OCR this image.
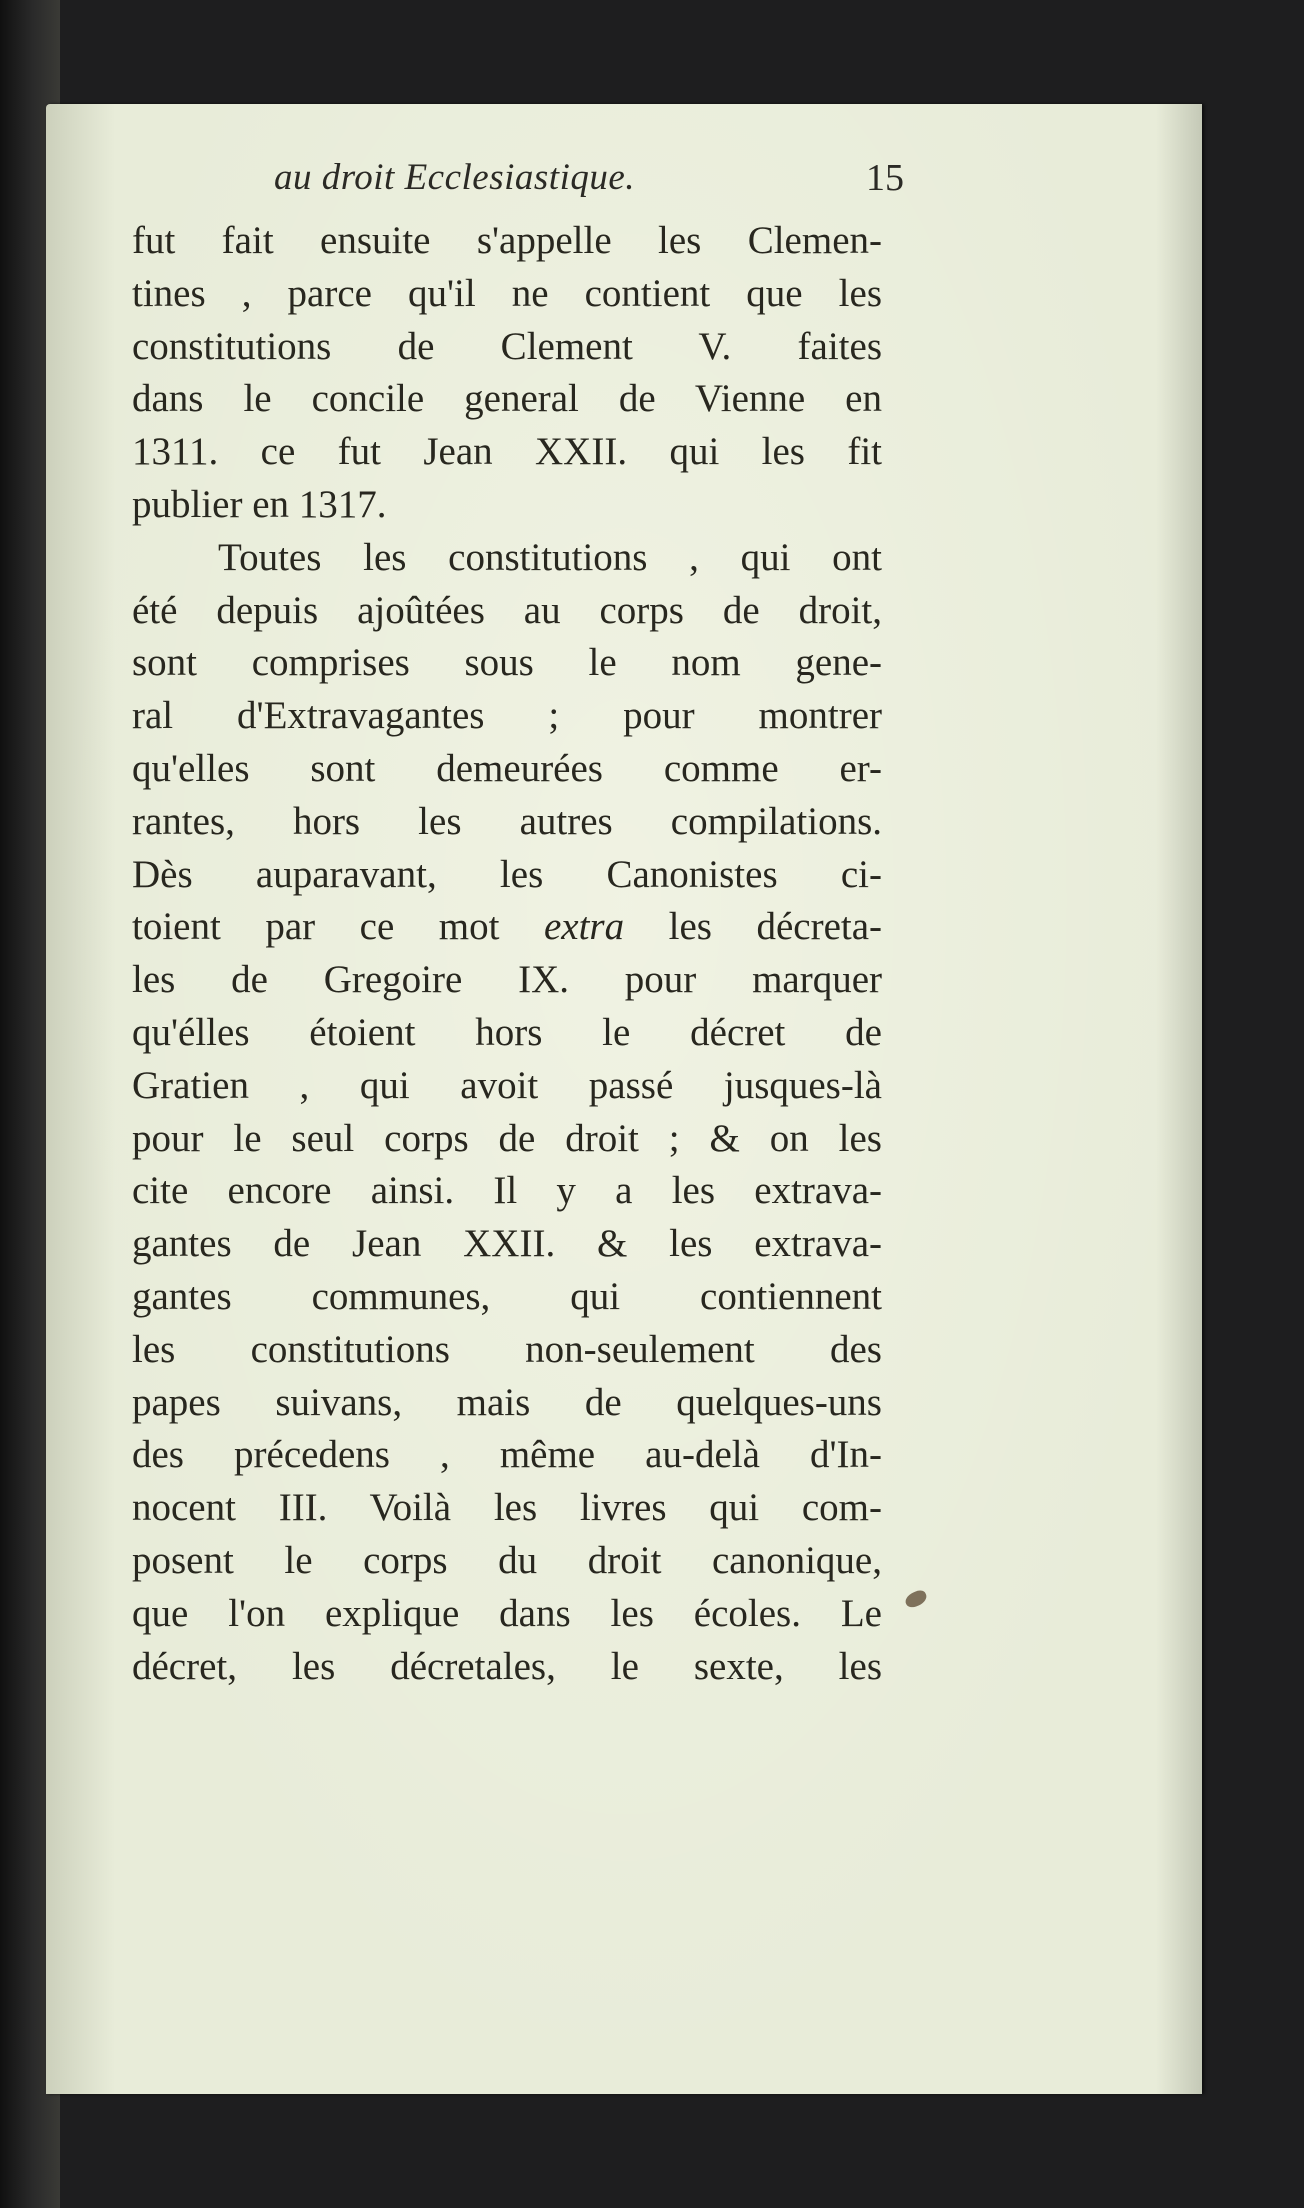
au droit Ecclesiastique.	15
fut fait ensuite s'appelle les Clemen-
tines , parce qu'il ne contient que les
constitutions de Clement V. faites
dans le concile general de Vienne en
1311. ce fut Jean XXII. qui les fit
publier en 1317.
Toutes les constitutions , qui ont
été depuis ajoûtées au corps de droit,
sont comprises sous le nom gene-
ral d'Extravagantes ; pour montrer
qu'elles sont demeurées comme er-
rantes, hors les autres compilations.
Dès auparavant, les Canonistes ci-
toient par ce mot extra les décreta-
les de Gregoire IX. pour marquer
qu'élles étoient hors le décret de
Gratien , qui avoit passé jusques-là
pour le seul corps de droit ; & on les
cite encore ainsi. Il y a les extrava-
gantes de Jean XXII. & les extrava-
gantes communes, qui contiennent
les constitutions non-seulement des
papes suivans, mais de quelques-uns
des précedens , même au-delà d'In-
nocent III. Voilà les livres qui com-
posent le corps du droit canonique,
que l'on explique dans les écoles. Le
décret, les décretales, le sexte, les
